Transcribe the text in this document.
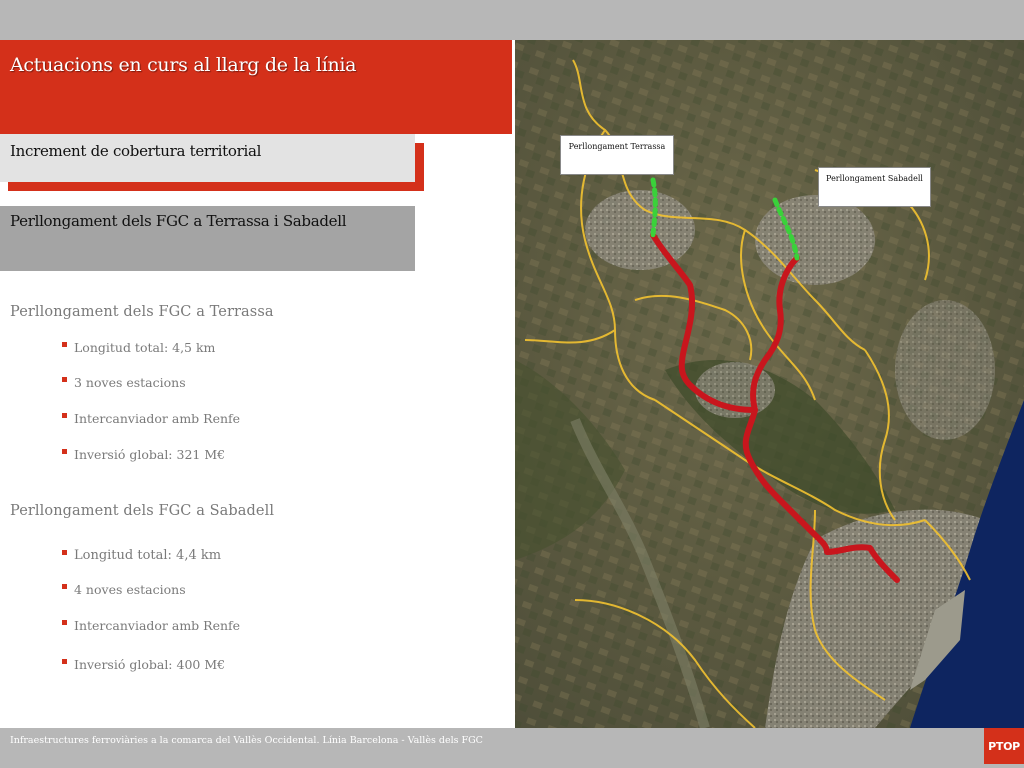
Actuacions en curs al llarg de la línia
Increment de cobertura territorial
Perllongament dels FGC a Terrassa i Sabadell
Perllongament dels FGC a Terrassa
Longitud total: 4,5 km
3 noves estacions
Intercanviador amb Renfe
Inversió global: 321 M€
Perllongament dels FGC a Sabadell
Longitud total: 4,4 km
4 noves estacions
Intercanviador amb Renfe
Inversió global: 400 M€
Perllongament Terrassa
Perllongament Sabadell
Infraestructures ferroviàries a la comarca del Vallès Occidental. Línia Barcelona - Vallès dels FGC	PTOP
